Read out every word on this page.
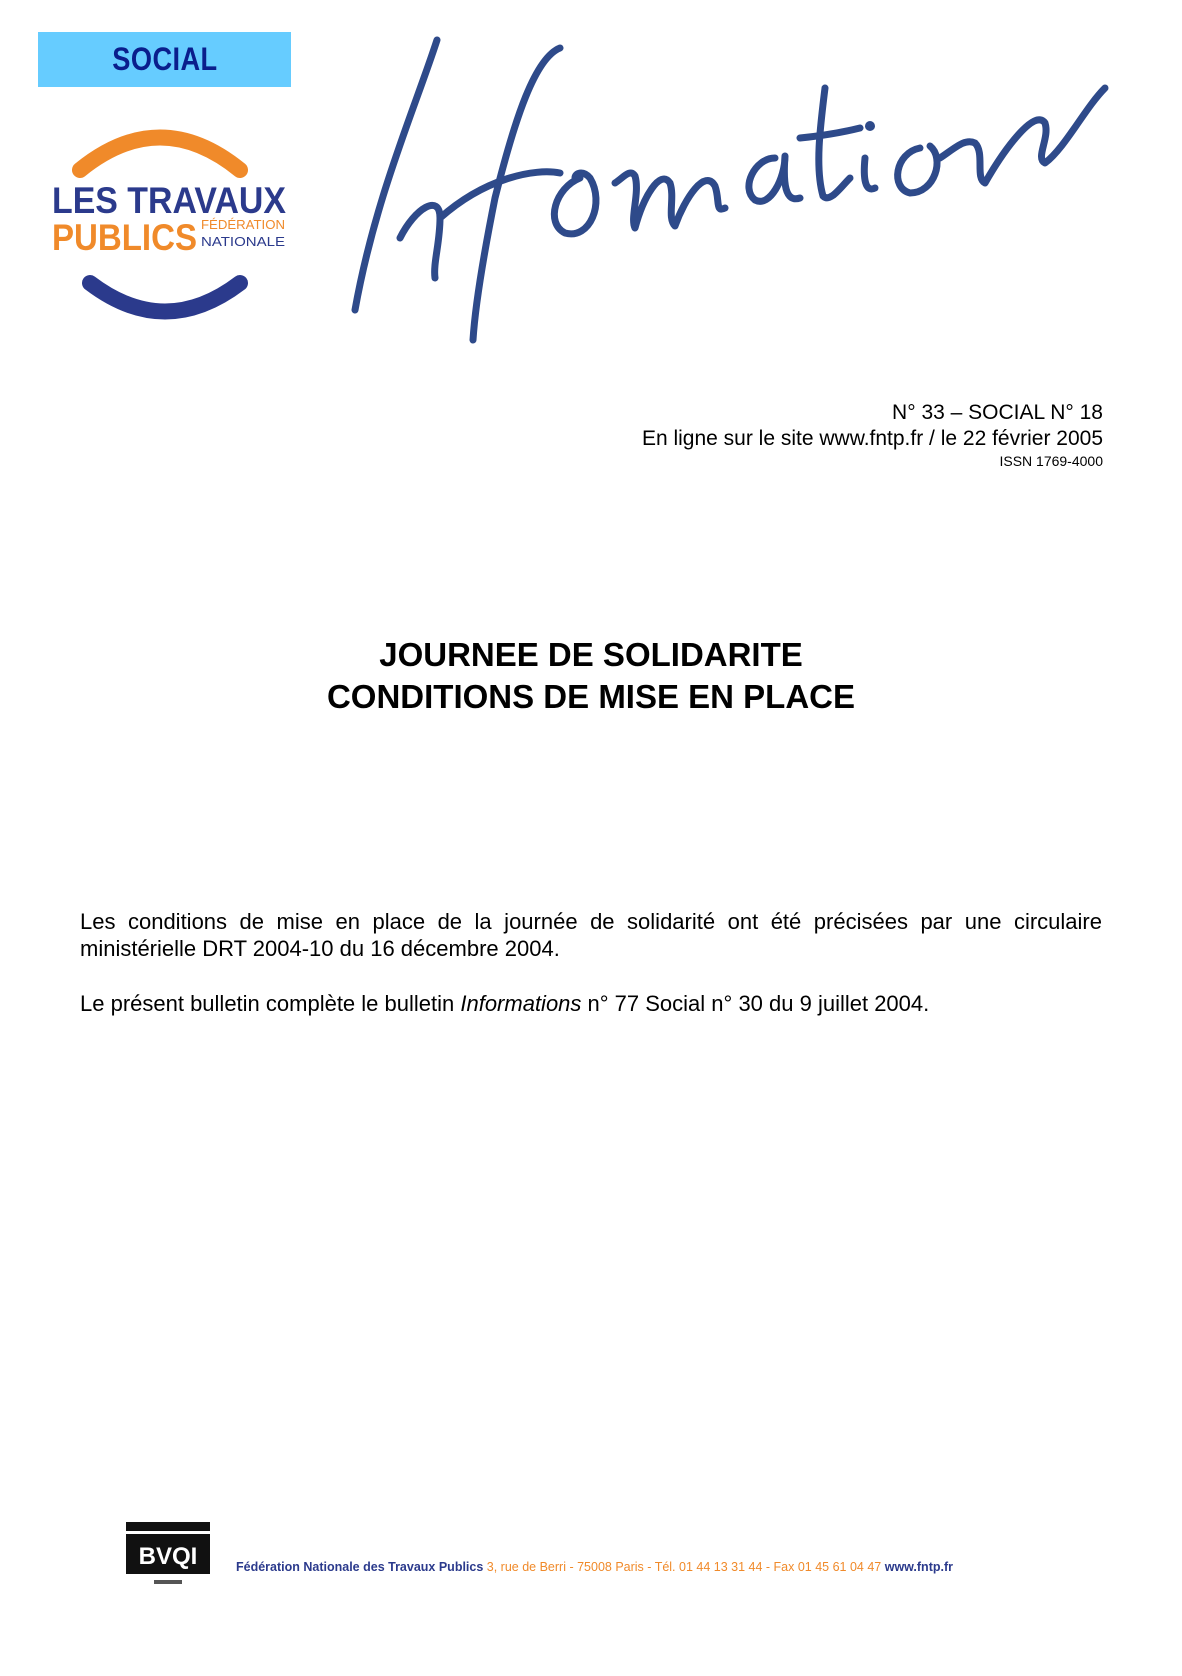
SOCIAL
LES TRAVAUX
PUBLICS FÉDÉRATION
NATIONALE
Informations
N° 33 – SOCIAL N° 18
En ligne sur le site www.fntp.fr / le 22 février 2005
ISSN 1769-4000
JOURNEE DE SOLIDARITE
CONDITIONS DE MISE EN PLACE

Les conditions de mise en place de la journée de solidarité ont été précisées par une circulaire ministérielle DRT 2004-10 du 16 décembre 2004.

Le présent bulletin complète le bulletin Informations n° 77 Social n° 30 du 9 juillet 2004.

BVQI	Fédération Nationale des Travaux Publics 3, rue de Berri - 75008 Paris - Tél. 01 44 13 31 44 - Fax 01 45 61 04 47 www.fntp.fr
